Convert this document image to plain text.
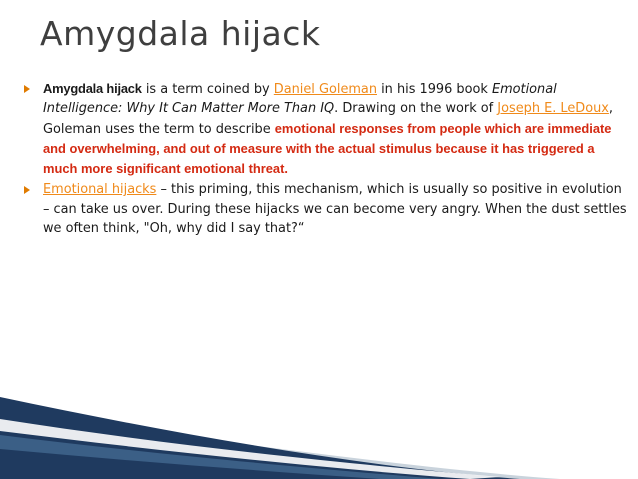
Amygdala hijack
Amygdala hijack is a term coined by Daniel Goleman in his 1996 book Emotional Intelligence: Why It Can Matter More Than IQ. Drawing on the work of Joseph E. LeDoux, Goleman uses the term to describe emotional responses from people which are immediate and overwhelming, and out of measure with the actual stimulus because it has triggered a much more significant emotional threat.
Emotional hijacks – this priming, this mechanism, which is usually so positive in evolution – can take us over. During these hijacks we can become very angry. When the dust settles we often think, "Oh, why did I say that?“
